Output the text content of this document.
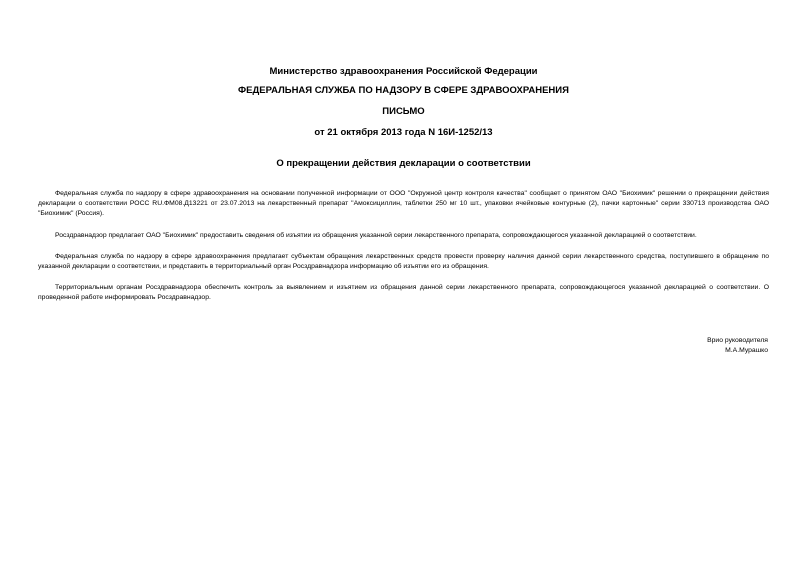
Министерство здравоохранения Российской Федерации
ФЕДЕРАЛЬНАЯ СЛУЖБА ПО НАДЗОРУ В СФЕРЕ ЗДРАВООХРАНЕНИЯ
ПИСЬМО
от 21 октября 2013 года N 16И-1252/13
О прекращении действия декларации о соответствии

Федеральная служба по надзору в сфере здравоохранения на основании полученной информации от ООО "Окружной центр контроля качества" сообщает о принятом ОАО "Биохимик" решении о прекращении действия декларации о соответствии РОСС RU.ФМ08.Д13221 от 23.07.2013 на лекарственный препарат "Амоксициллин, таблетки 250 мг 10 шт., упаковки ячейковые контурные (2), пачки картонные" серии 330713 производства ОАО "Биохимик" (Россия).

Росздравнадзор предлагает ОАО "Биохимик" предоставить сведения об изъятии из обращения указанной серии лекарственного препарата, сопровождающегося указанной декларацией о соответствии.

Федеральная служба по надзору в сфере здравоохранения предлагает субъектам обращения лекарственных средств провести проверку наличия данной серии лекарственного средства, поступившего в обращение по указанной декларации о соответствии, и представить в территориальный орган Росздравнадзора информацию об изъятии его из обращения.

Территориальным органам Росздравнадзора обеспечить контроль за выявлением и изъятием из обращения данной серии лекарственного препарата, сопровождающегося указанной декларацией о соответствии. О проведенной работе информировать Росздравнадзор.

Врио руководителя
М.А.Мурашко
